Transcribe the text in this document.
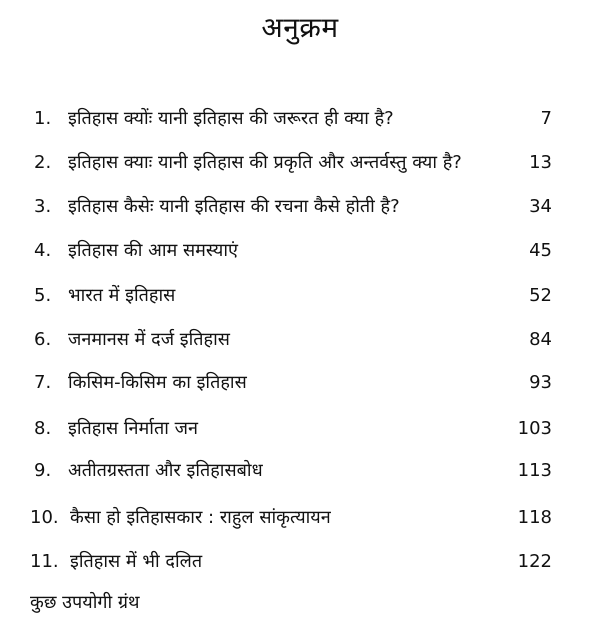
अनुक्रम
1. इतिहास क्योंः यानी इतिहास की जरूरत ही क्या है?	7
2. इतिहास क्याः यानी इतिहास की प्रकृति और अन्तर्वस्तु क्या है?	13
3. इतिहास कैसेः यानी इतिहास की रचना कैसे होती है?	34
4. इतिहास की आम समस्याएं	45
5. भारत में इतिहास	52
6. जनमानस में दर्ज इतिहास	84
7. किसिम-किसिम का इतिहास	93
8. इतिहास निर्माता जन	103
9. अतीतग्रस्तता और इतिहासबोध	113
10. कैसा हो इतिहासकार : राहुल सांकृत्यायन	118
11. इतिहास में भी दलित	122
कुछ उपयोगी ग्रंथ
